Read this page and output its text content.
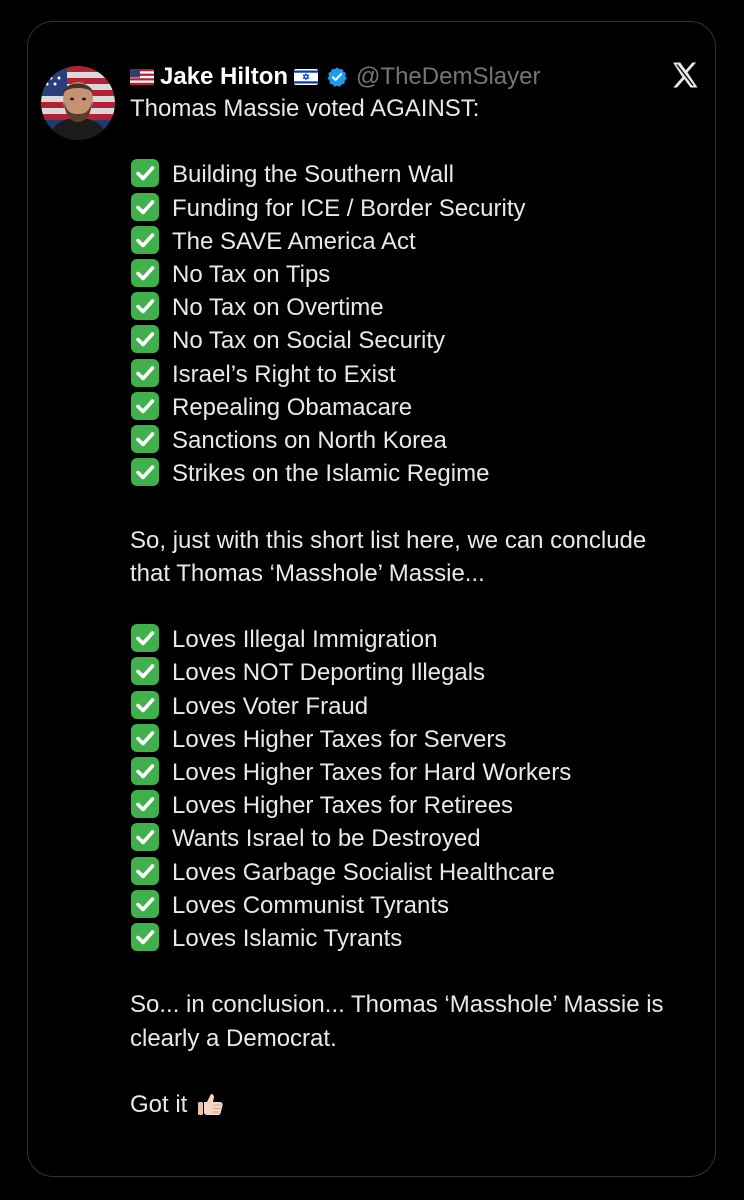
Jake Hilton	@TheDemSlayer
Thomas Massie voted AGAINST:
Building the Southern Wall
Funding for ICE / Border Security
The SAVE America Act
No Tax on Tips
No Tax on Overtime
No Tax on Social Security
Israel’s Right to Exist
Repealing Obamacare
Sanctions on North Korea
Strikes on the Islamic Regime
So, just with this short list here, we can conclude
that Thomas ‘Masshole’ Massie...
Loves Illegal Immigration
Loves NOT Deporting Illegals
Loves Voter Fraud
Loves Higher Taxes for Servers
Loves Higher Taxes for Hard Workers
Loves Higher Taxes for Retirees
Wants Israel to be Destroyed
Loves Garbage Socialist Healthcare
Loves Communist Tyrants
Loves Islamic Tyrants
So... in conclusion... Thomas ‘Masshole’ Massie is
clearly a Democrat.
Got it
